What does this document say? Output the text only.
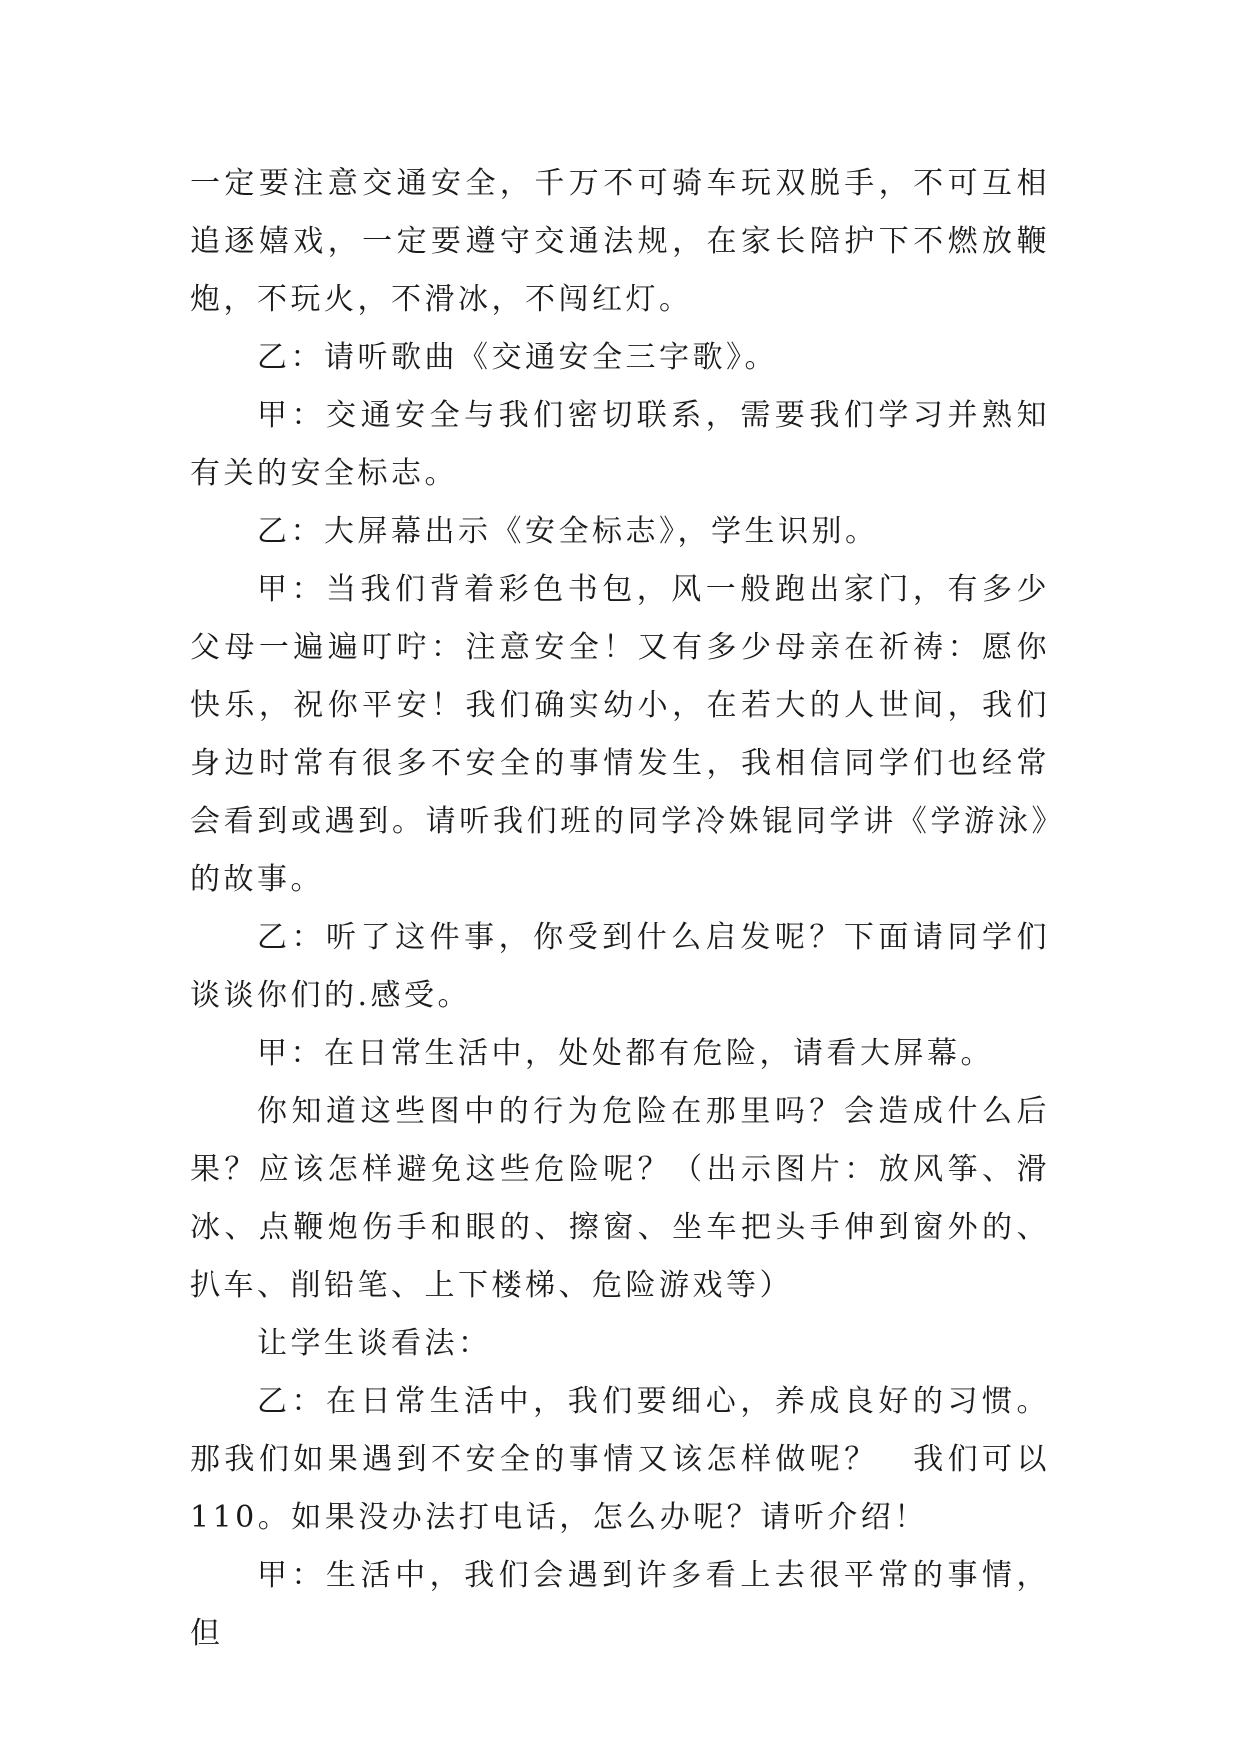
一定要注意交通安全，千万不可骑车玩双脱手，不可互相追逐嬉戏，一定要遵守交通法规，在家长陪护下不燃放鞭炮，不玩火，不滑冰，不闯红灯。

乙：请听歌曲《交通安全三字歌》。

甲：交通安全与我们密切联系，需要我们学习并熟知有关的安全标志。

乙：大屏幕出示《安全标志》，学生识别。

甲：当我们背着彩色书包，风一般跑出家门，有多少父母一遍遍叮咛：注意安全！又有多少母亲在祈祷：愿你快乐，祝你平安！我们确实幼小，在若大的人世间，我们身边时常有很多不安全的事情发生，我相信同学们也经常会看到或遇到。请听我们班的同学冷姝锟同学讲《学游泳》的故事。

乙：听了这件事，你受到什么启发呢？下面请同学们谈谈你们的.感受。

甲：在日常生活中，处处都有危险，请看大屏幕。

你知道这些图中的行为危险在那里吗？会造成什么后果？应该怎样避免这些危险呢？（出示图片：放风筝、滑冰、点鞭炮伤手和眼的、擦窗、坐车把头手伸到窗外的、扒车、削铅笔、上下楼梯、危险游戏等）

让学生谈看法：

乙：在日常生活中，我们要细心，养成良好的习惯。那我们如果遇到不安全的事情又该怎样做呢？　我们可以110。如果没办法打电话，怎么办呢？请听介绍！

甲：生活中，我们会遇到许多看上去很平常的事情，但
